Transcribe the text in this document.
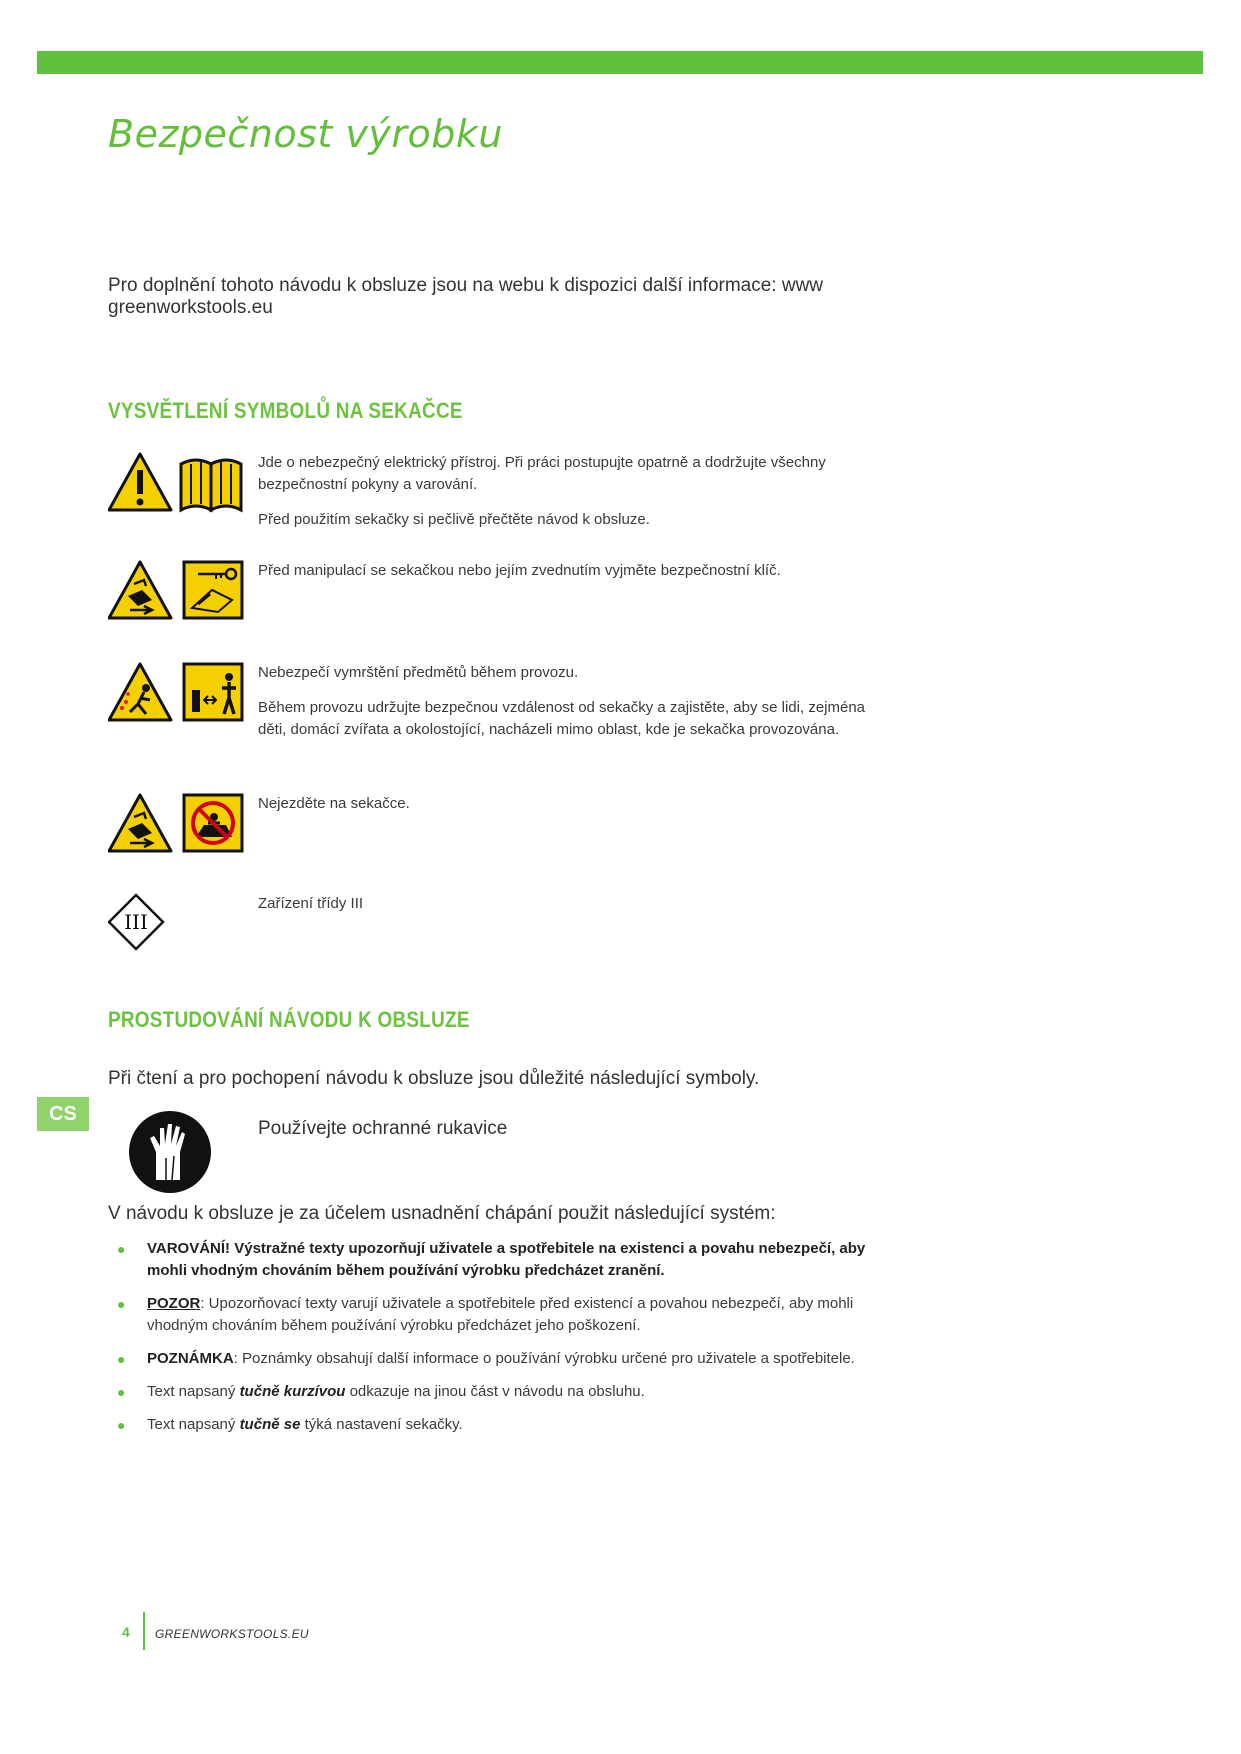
Bezpečnost výrobku

Pro doplnění tohoto návodu k obsluze jsou na webu k dispozici další informace: www greenworkstools.eu

VYSVĚTLENÍ SYMBOLŮ NA SEKAČCE

Jde o nebezpečný elektrický přístroj. Při práci postupujte opatrně a dodržujte všechny bezpečnostní pokyny a varování.

Před použitím sekačky si pečlivě přečtěte návod k obsluze.

Před manipulací se sekačkou nebo jejím zvednutím vyjměte bezpečnostní klíč.

Nebezpečí vymrštění předmětů během provozu.

Během provozu udržujte bezpečnou vzdálenost od sekačky a zajistěte, aby se lidi, zejména děti, domácí zvířata a okolostojící, nacházeli mimo oblast, kde je sekačka provozována.

Nejezděte na sekačce.

III

Zařízení třídy III

PROSTUDOVÁNÍ NÁVODU K OBSLUZE

Při čtení a pro pochopení návodu k obsluze jsou důležité následující symboly.

CS

Používejte ochranné rukavice

V návodu k obsluze je za účelem usnadnění chápání použit následující systém:

● VAROVÁNÍ! Výstražné texty upozorňují uživatele a spotřebitele na existenci a povahu nebezpečí, aby mohli vhodným chováním během používání výrobku předcházet zranění.
● POZOR: Upozorňovací texty varují uživatele a spotřebitele před existencí a povahou nebezpečí, aby mohli vhodným chováním během používání výrobku předcházet jeho poškození.
● POZNÁMKA: Poznámky obsahují další informace o používání výrobku určené pro uživatele a spotřebitele.
● Text napsaný tučně kurzívou odkazuje na jinou část v návodu na obsluhu.
● Text napsaný tučně se týká nastavení sekačky.
4 GREENWORKSTOOLS.EU
